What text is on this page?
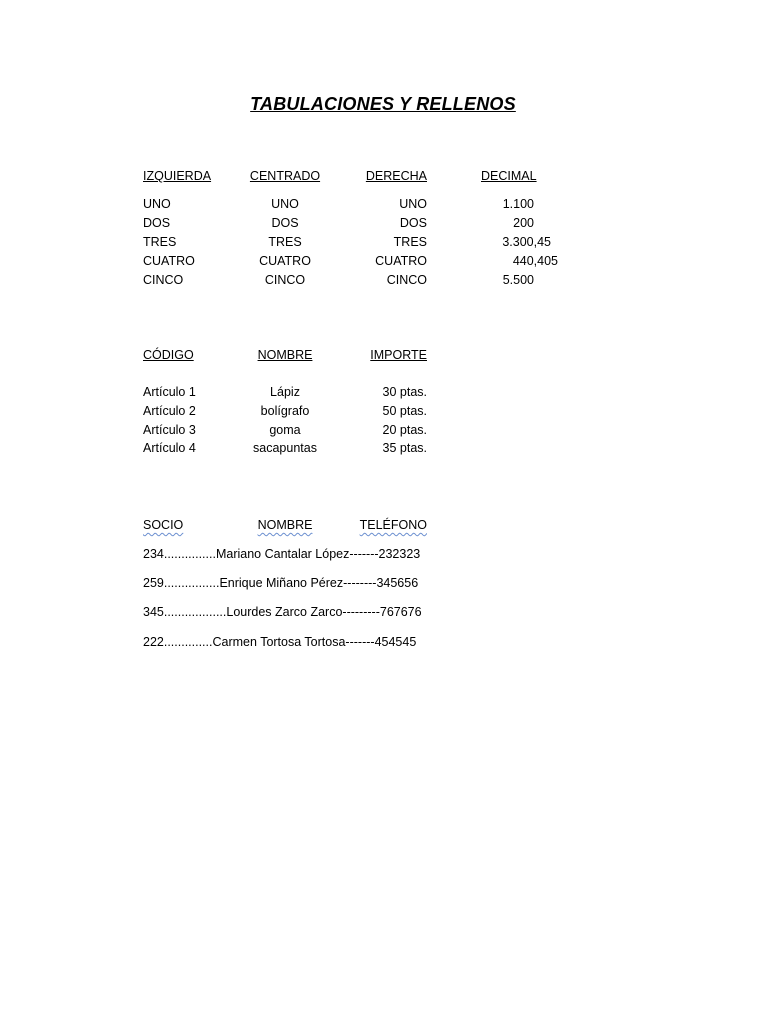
TABULACIONES Y RELLENOS
IZQUIERDA	CENTRADO	DERECHA	DECIMAL
UNO	UNO	UNO	1.100
DOS	DOS	DOS	200
TRES	TRES	TRES	3.300,45
CUATRO	CUATRO	CUATRO	440,405
CINCO	CINCO	CINCO	5.500
CÓDIGO	NOMBRE	IMPORTE
Artículo 1	Lápiz	30 ptas.
Artículo 2	bolígrafo	50 ptas.
Artículo 3	goma	20 ptas.
Artículo 4	sacapuntas	35 ptas.
SOCIO	NOMBRE	TELÉFONO
234...............Mariano Cantalar López-------232323
259................Enrique Miñano Pérez--------345656
345..................Lourdes Zarco Zarco---------767676
222..............Carmen Tortosa Tortosa-------454545
